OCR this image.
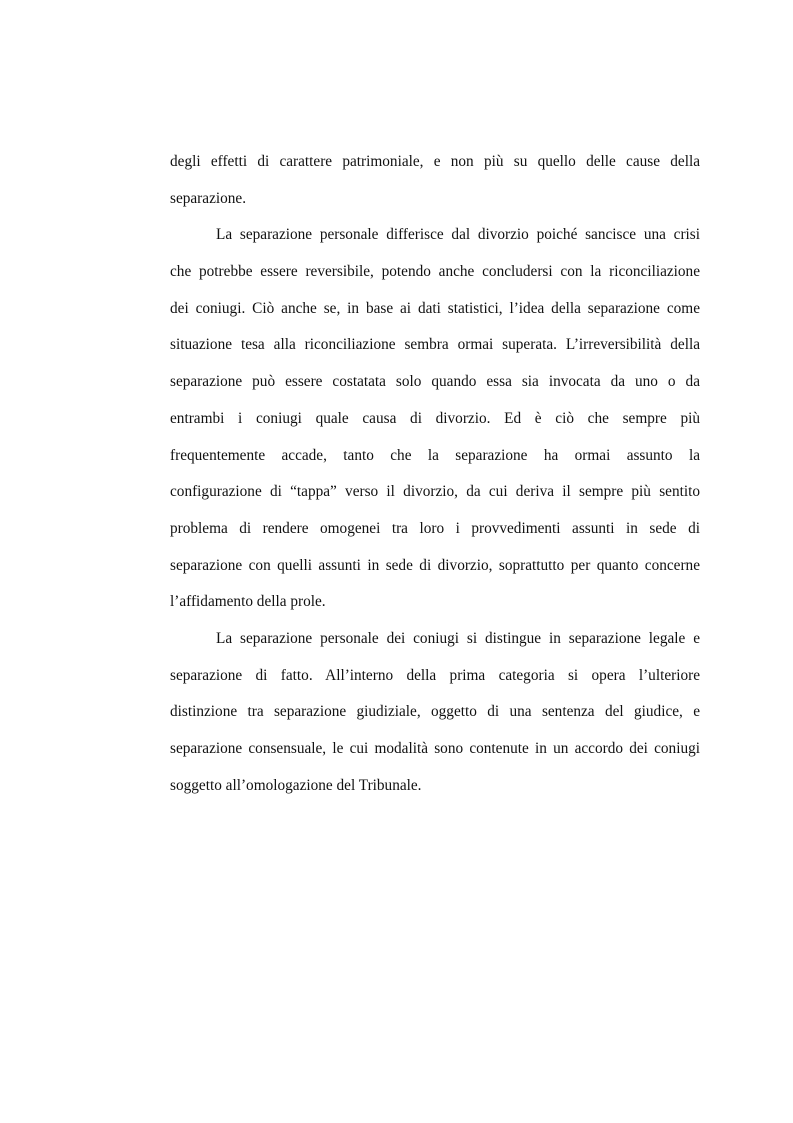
degli effetti di carattere patrimoniale, e non più su quello delle cause della
separazione.
La separazione personale differisce dal divorzio poiché sancisce una crisi
che potrebbe essere reversibile, potendo anche concludersi con la riconciliazione
dei coniugi. Ciò anche se, in base ai dati statistici, l’idea della separazione come
situazione tesa alla riconciliazione sembra ormai superata. L’irreversibilità della
separazione può essere costatata solo quando essa sia invocata da uno o da
entrambi i coniugi quale causa di divorzio. Ed è ciò che sempre più
frequentemente accade, tanto che la separazione ha ormai assunto la
configurazione di “tappa” verso il divorzio, da cui deriva il sempre più sentito
problema di rendere omogenei tra loro i provvedimenti assunti in sede di
separazione con quelli assunti in sede di divorzio, soprattutto per quanto concerne
l’affidamento della prole.
La separazione personale dei coniugi si distingue in separazione legale e
separazione di fatto. All’interno della prima categoria si opera l’ulteriore
distinzione tra separazione giudiziale, oggetto di una sentenza del giudice, e
separazione consensuale, le cui modalità sono contenute in un accordo dei coniugi
soggetto all’omologazione del Tribunale.
